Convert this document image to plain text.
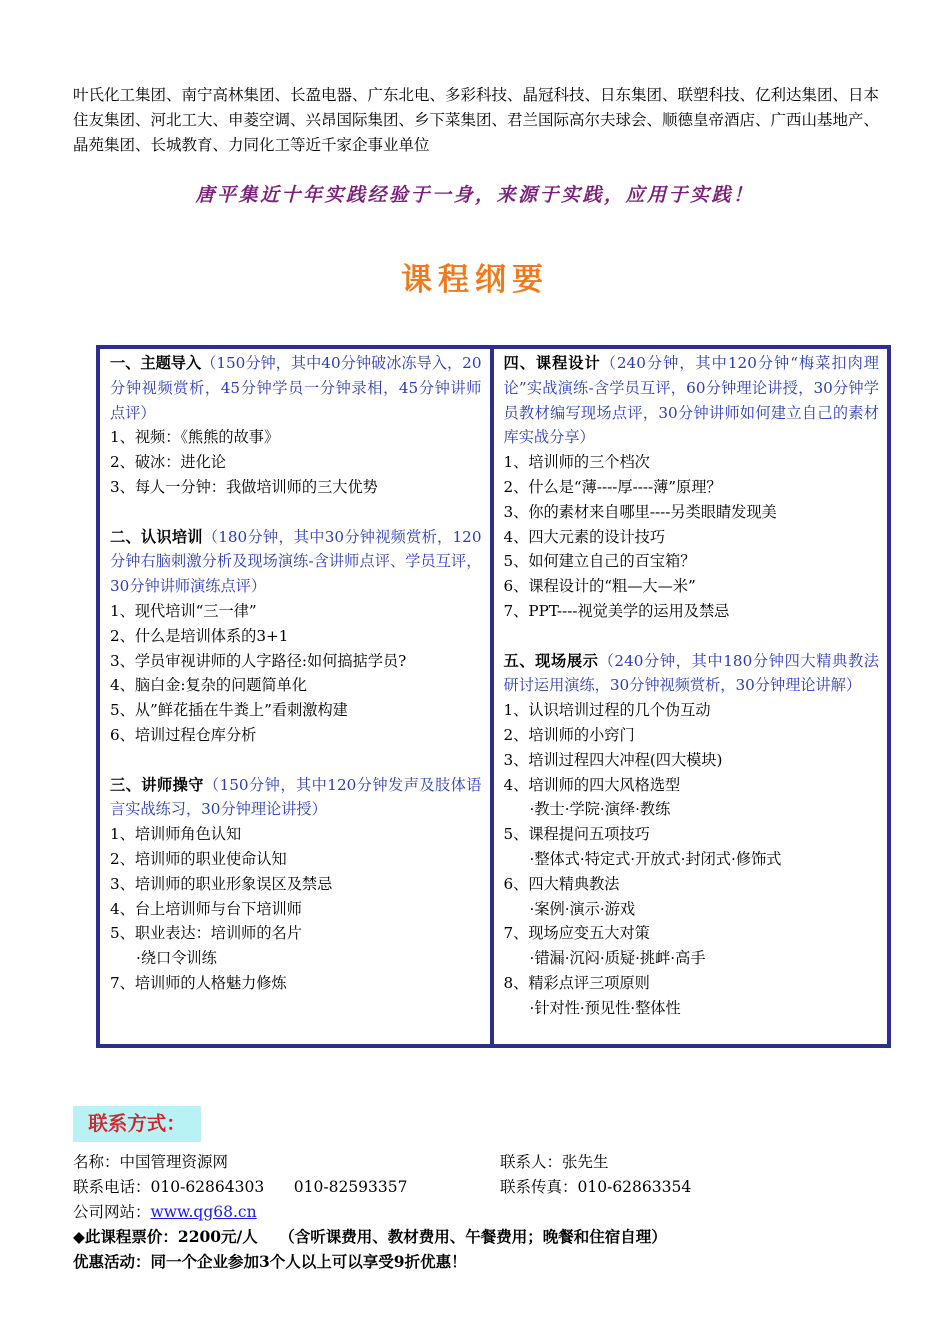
叶氏化工集团、南宁高林集团、长盈电器、广东北电、多彩科技、晶冠科技、日东集团、联塑科技、亿利达集团、日本住友集团、河北工大、申菱空调、兴昂国际集团、乡下菜集团、君兰国际高尔夫球会、顺德皇帝酒店、广西山基地产、晶苑集团、长城教育、力同化工等近千家企事业单位
唐平集近十年实践经验于一身，来源于实践，应用于实践！
课程纲要
一、主题导入（150分钟，其中40分钟破冰冻导入，20分钟视频赏析，45分钟学员一分钟录相，45分钟讲师点评）
1、视频：《熊熊的故事》
2、破冰：进化论
3、每人一分钟：我做培训师的三大优势
二、认识培训（180分钟，其中30分钟视频赏析，120分钟右脑刺激分析及现场演练-含讲师点评、学员互评，30分钟讲师演练点评）
1、现代培训“三一律”
2、什么是培训体系的3+1
3、学员审视讲师的人字路径:如何搞掂学员?
4、脑白金:复杂的问题简单化
5、从”鲜花插在牛粪上”看刺激构建
6、培训过程仓库分析
三、讲师操守（150分钟，其中120分钟发声及肢体语言实战练习，30分钟理论讲授）
1、培训师角色认知
2、培训师的职业使命认知
3、培训师的职业形象误区及禁忌
4、台上培训师与台下培训师
5、职业表达：培训师的名片
·绕口令训练
7、培训师的人格魅力修炼
四、课程设计（240分钟，其中120分钟“梅菜扣肉理论”实战演练-含学员互评，60分钟理论讲授，30分钟学员教材编写现场点评，30分钟讲师如何建立自己的素材库实战分享）
1、培训师的三个档次
2、什么是“薄----厚----薄”原理？
3、你的素材来自哪里----另类眼睛发现美
4、四大元素的设计技巧
5、如何建立自己的百宝箱？
6、课程设计的“粗—大—米”
7、PPT----视觉美学的运用及禁忌
五、现场展示（240分钟，其中180分钟四大精典教法研讨运用演练，30分钟视频赏析，30分钟理论讲解）
1、认识培训过程的几个伪互动
2、培训师的小窍门
3、培训过程四大冲程(四大模块)
4、培训师的四大风格选型
·教士·学院·演绎·教练
5、课程提问五项技巧
·整体式·特定式·开放式·封闭式·修饰式
6、四大精典教法
·案例·演示·游戏
7、现场应变五大对策
·错漏·沉闷·质疑·挑衅·高手
8、精彩点评三项原则
·针对性·预见性·整体性
联系方式：
名称：中国管理资源网	联系人：张先生
联系电话：010-62864303      010-82593357	联系传真：010-62863354
公司网站：www.qg68.cn
◆此课程票价：2200元/人    （含听课费用、教材费用、午餐费用；晚餐和住宿自理）
优惠活动：同一个企业参加3个人以上可以享受9折优惠！
